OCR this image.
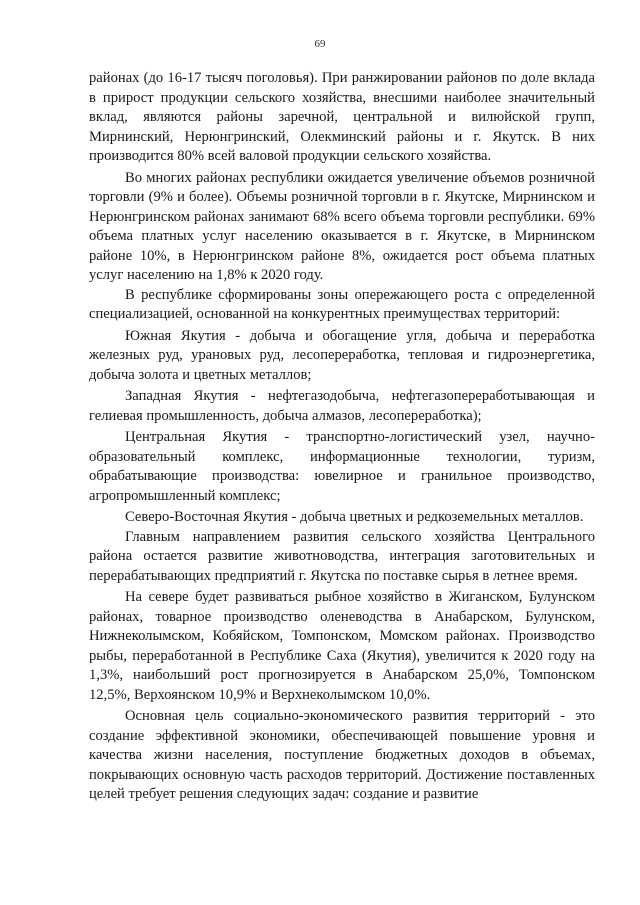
69

районах (до 16-17 тысяч поголовья). При ранжировании районов по доле вклада в прирост продукции сельского хозяйства, внесшими наиболее значительный вклад, являются районы заречной, центральной и вилюйской групп, Мирнинский, Нерюнгринский, Олекминский районы и г. Якутск. В них производится 80% всей валовой продукции сельского хозяйства.

Во многих районах республики ожидается увеличение объемов розничной торговли (9% и более). Объемы розничной торговли в г. Якутске, Мирнинском и Нерюнгринском районах занимают 68% всего объема торговли республики. 69% объема платных услуг населению оказывается в г. Якутске, в Мирнинском районе 10%, в Нерюнгринском районе 8%, ожидается рост объема платных услуг населению на 1,8% к 2020 году.

В республике сформированы зоны опережающего роста с определенной специализацией, основанной на конкурентных преимуществах территорий:

Южная Якутия - добыча и обогащение угля, добыча и переработка железных руд, урановых руд, лесопереработка, тепловая и гидроэнергетика, добыча золота и цветных металлов;

Западная Якутия - нефтегазодобыча, нефтегазопереработывающая и гелиевая промышленность, добыча алмазов, лесопереработка);

Центральная Якутия - транспортно-логистический узел, научно-образовательный комплекс, информационные технологии, туризм, обрабатывающие производства: ювелирное и гранильное производство, агропромышленный комплекс;

Северо-Восточная Якутия - добыча цветных и редкоземельных металлов.

Главным направлением развития сельского хозяйства Центрального района остается развитие животноводства, интеграция заготовительных и перерабатывающих предприятий г. Якутска по поставке сырья в летнее время.

На севере будет развиваться рыбное хозяйство в Жиганском, Булунском районах, товарное производство оленеводства в Анабарском, Булунском, Нижнеколымском, Кобяйском, Томпонском, Момском районах. Производство рыбы, переработанной в Республике Саха (Якутия), увеличится к 2020 году на 1,3%, наибольший рост прогнозируется в Анабарском 25,0%, Томпонском 12,5%, Верхоянском 10,9% и Верхнеколымском 10,0%.

Основная цель социально-экономического развития территорий - это создание эффективной экономики, обеспечивающей повышение уровня и качества жизни населения, поступление бюджетных доходов в объемах, покрывающих основную часть расходов территорий. Достижение поставленных целей требует решения следующих задач: создание и развитие
